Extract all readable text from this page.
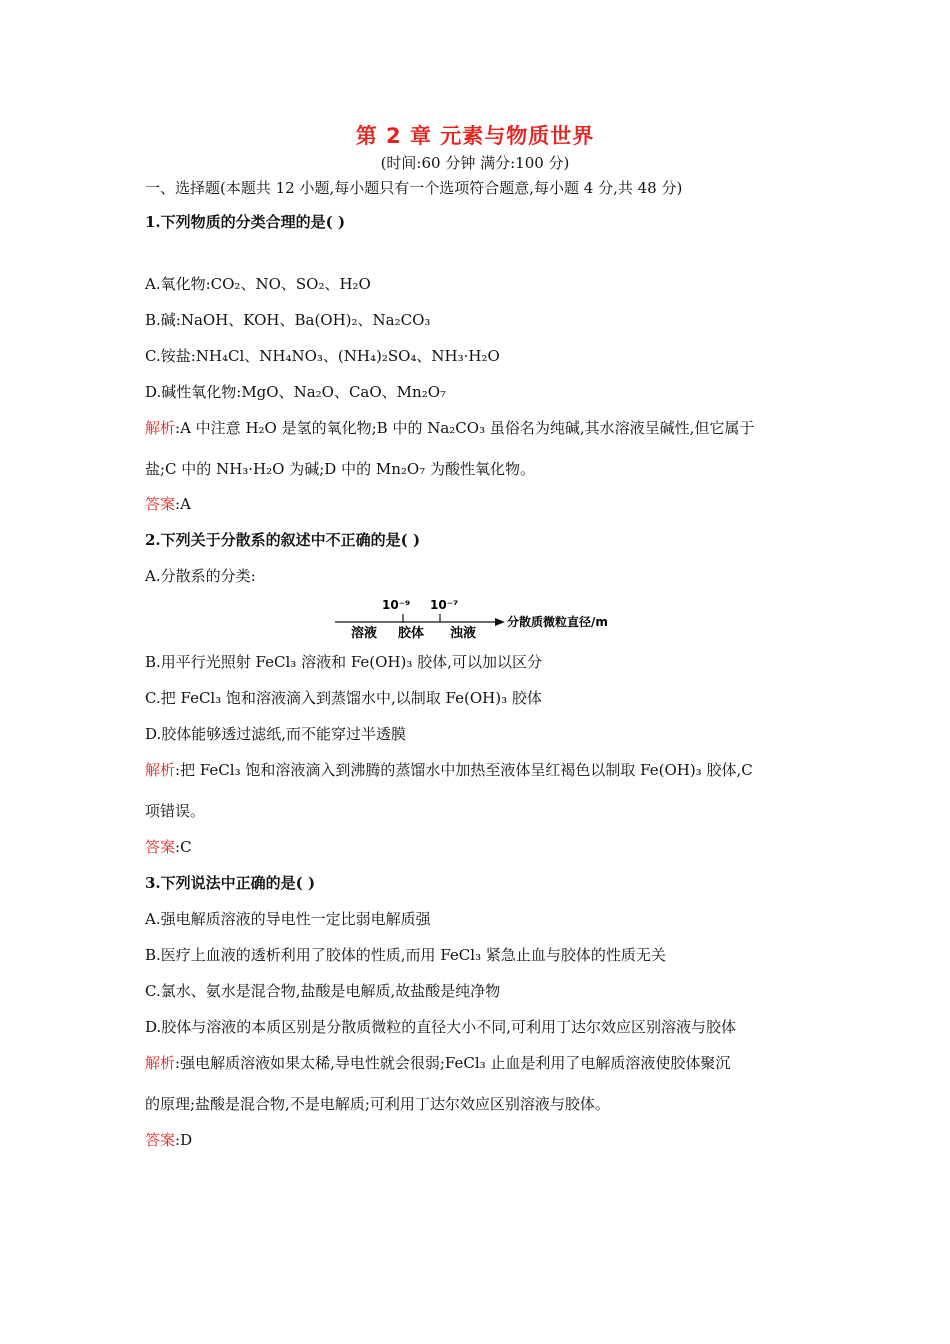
第 2 章 元素与物质世界
(时间:60 分钟 满分:100 分)
一、选择题(本题共 12 小题,每小题只有一个选项符合题意,每小题 4 分,共 48 分)
1.下列物质的分类合理的是( )
A.氧化物:CO₂、NO、SO₂、H₂O
B.碱:NaOH、KOH、Ba(OH)₂、Na₂CO₃
C.铵盐:NH₄Cl、NH₄NO₃、(NH₄)₂SO₄、NH₃·H₂O
D.碱性氧化物:MgO、Na₂O、CaO、Mn₂O₇
解析:A 中注意 H₂O 是氢的氧化物;B 中的 Na₂CO₃ 虽俗名为纯碱,其水溶液呈碱性,但它属于
盐;C 中的 NH₃·H₂O 为碱;D 中的 Mn₂O₇ 为酸性氧化物。
答案:A
2.下列关于分散系的叙述中不正确的是( )
A.分散系的分类:
10⁻⁹ 10⁻⁷
溶液 胶体 浊液
分散质微粒直径/m
B.用平行光照射 FeCl₃ 溶液和 Fe(OH)₃ 胶体,可以加以区分
C.把 FeCl₃ 饱和溶液滴入到蒸馏水中,以制取 Fe(OH)₃ 胶体
D.胶体能够透过滤纸,而不能穿过半透膜
解析:把 FeCl₃ 饱和溶液滴入到沸腾的蒸馏水中加热至液体呈红褐色以制取 Fe(OH)₃ 胶体,C
项错误。
答案:C
3.下列说法中正确的是( )
A.强电解质溶液的导电性一定比弱电解质强
B.医疗上血液的透析利用了胶体的性质,而用 FeCl₃ 紧急止血与胶体的性质无关
C.氯水、氨水是混合物,盐酸是电解质,故盐酸是纯净物
D.胶体与溶液的本质区别是分散质微粒的直径大小不同,可利用丁达尔效应区别溶液与胶体
解析:强电解质溶液如果太稀,导电性就会很弱;FeCl₃ 止血是利用了电解质溶液使胶体聚沉
的原理;盐酸是混合物,不是电解质;可利用丁达尔效应区别溶液与胶体。
答案:D
